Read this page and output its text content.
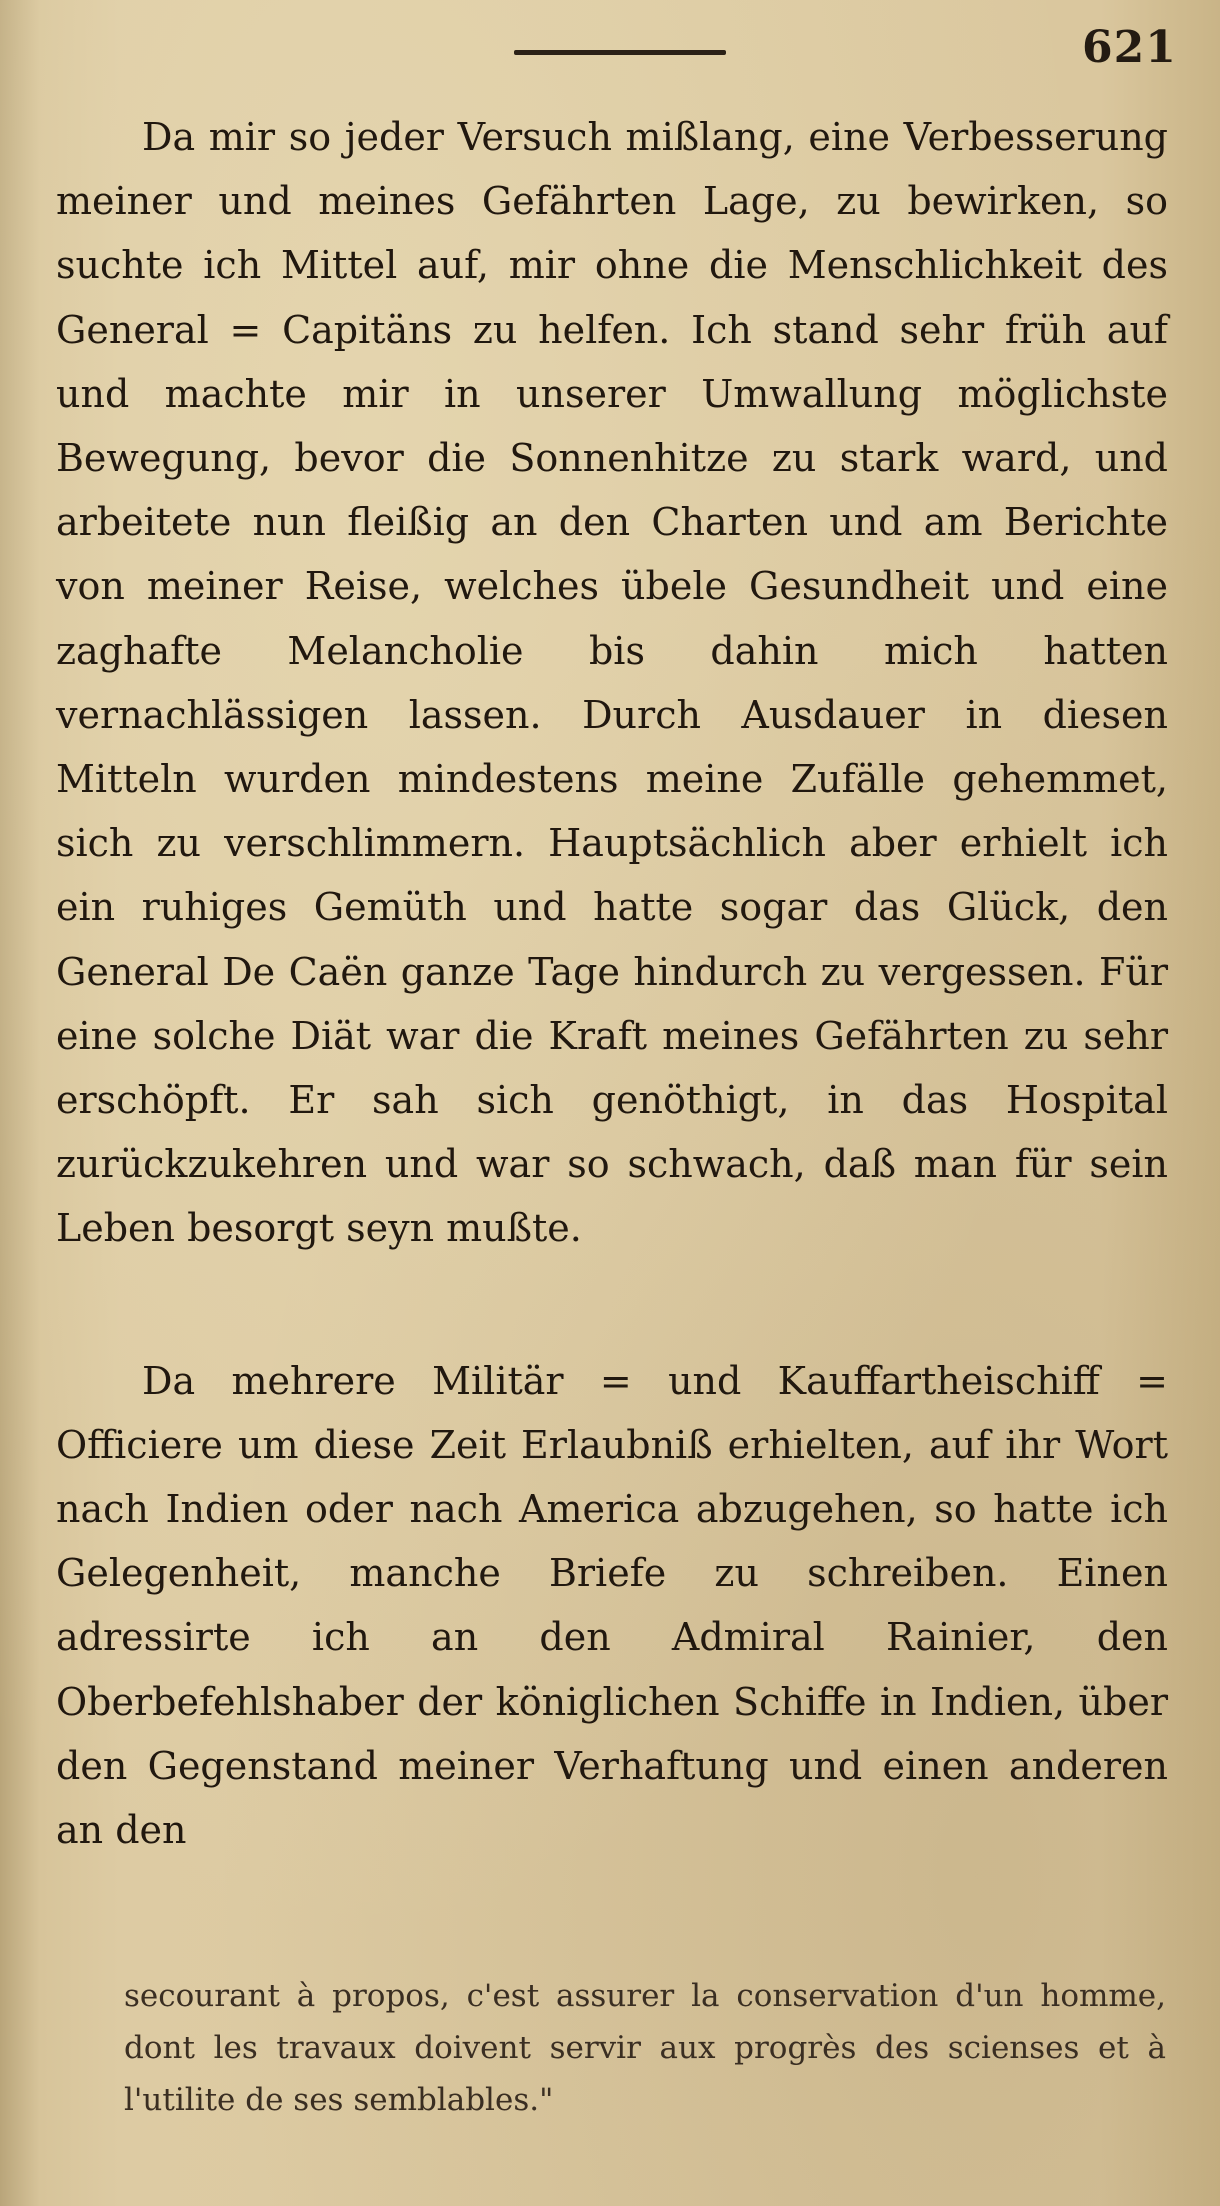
621

Da mir so jeder Versuch mißlang, eine Verbesserung meiner und meines Gefährten Lage, zu bewirken, so suchte ich Mittel auf, mir ohne die Menschlichkeit des General = Capitäns zu helfen. Ich stand sehr früh auf und machte mir in unserer Umwallung möglichste Bewegung, bevor die Sonnenhitze zu stark ward, und arbeitete nun fleißig an den Charten und am Berichte von meiner Reise, welches übele Gesundheit und eine zaghafte Melancholie bis dahin mich hatten vernachlässigen lassen. Durch Ausdauer in diesen Mitteln wurden mindestens meine Zufälle gehemmet, sich zu verschlimmern. Hauptsächlich aber erhielt ich ein ruhiges Gemüth und hatte sogar das Glück, den General De Caën ganze Tage hindurch zu vergessen. Für eine solche Diät war die Kraft meines Gefährten zu sehr erschöpft. Er sah sich genöthigt, in das Hospital zurückzukehren und war so schwach, daß man für sein Leben besorgt seyn mußte.

Da mehrere Militär = und Kauffartheischiff = Officiere um diese Zeit Erlaubniß erhielten, auf ihr Wort nach Indien oder nach America abzugehen, so hatte ich Gelegenheit, manche Briefe zu schreiben. Einen adressirte ich an den Admiral Rainier, den Oberbefehlshaber der königlichen Schiffe in Indien, über den Gegenstand meiner Verhaftung und einen anderen an den

secourant à propos, c'est assurer la conservation d'un homme, dont les travaux doivent servir aux progrès des scienses et à l'utilite de ses semblables."
